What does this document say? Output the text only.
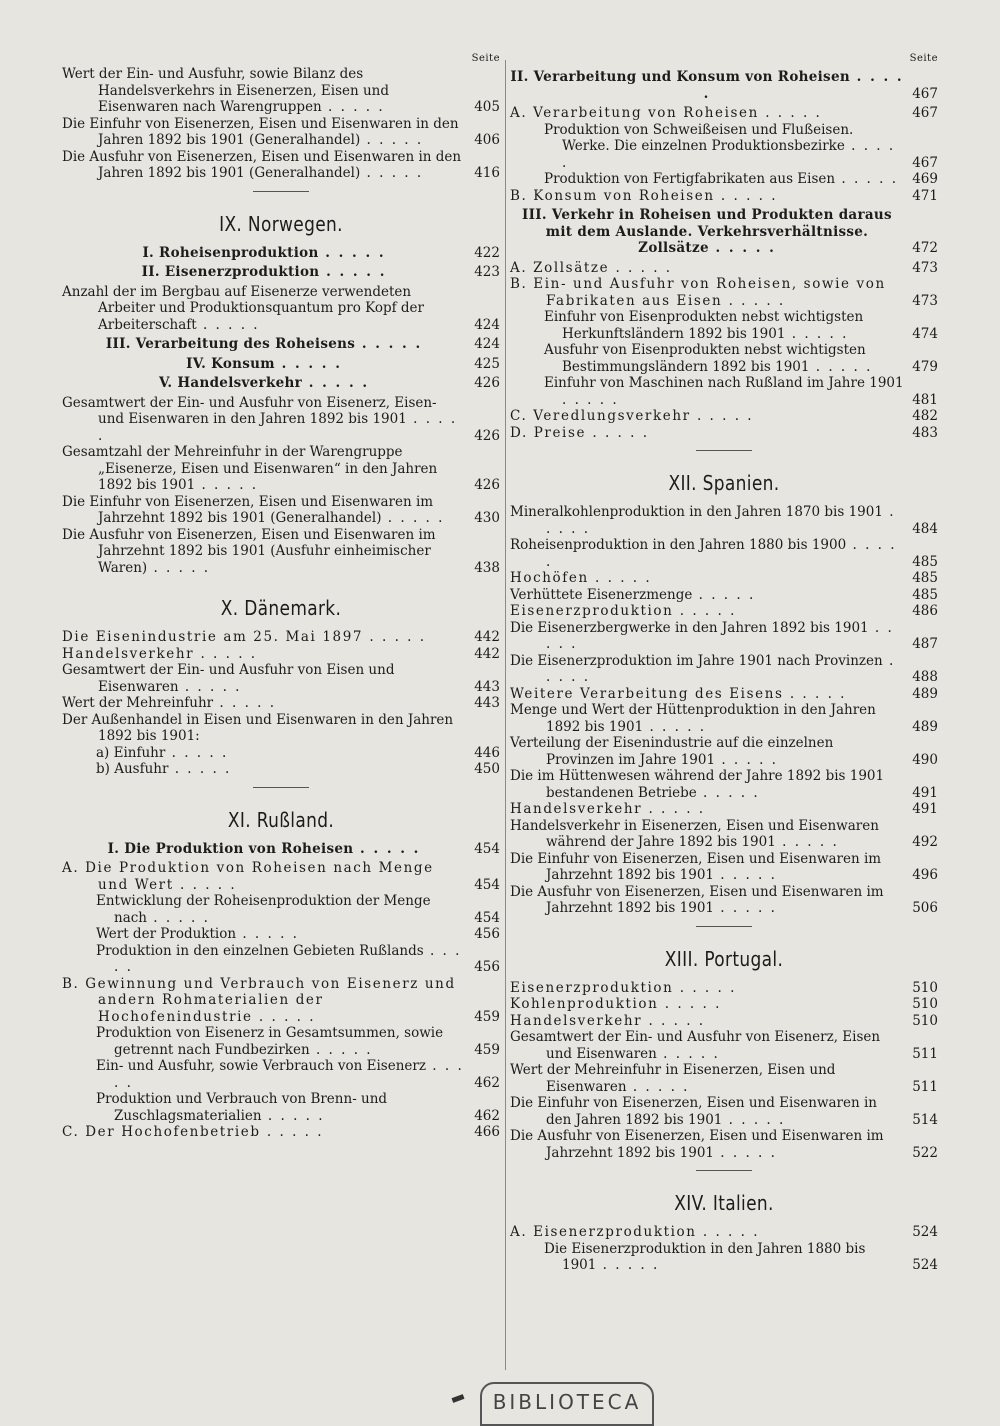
Seite
Wert der Ein- und Ausfuhr, sowie Bilanz des Handelsverkehrs in Eisenerzen, Eisen und Eisenwaren nach Warengruppen . . . . .	405
Die Einfuhr von Eisenerzen, Eisen und Eisenwaren in den Jahren 1892 bis 1901 (Generalhandel) . . . . .	406
Die Ausfuhr von Eisenerzen, Eisen und Eisenwaren in den Jahren 1892 bis 1901 (Generalhandel) . . . . .	416
IX. Norwegen.
I. Roheisenproduktion . . . . .	422
II. Eisenerzproduktion . . . . .	423
Anzahl der im Bergbau auf Eisenerze verwendeten Arbeiter und Produktionsquantum pro Kopf der Arbeiterschaft . . . . .	424
III. Verarbeitung des Roheisens . . . . .	424
IV. Konsum . . . . .	425
V. Handelsverkehr . . . . .	426
Gesamtwert der Ein- und Ausfuhr von Eisenerz, Eisen- und Eisenwaren in den Jahren 1892 bis 1901 . . . . .	426
Gesamtzahl der Mehreinfuhr in der Warengruppe „Eisenerze, Eisen und Eisenwaren“ in den Jahren 1892 bis 1901 . . . . .	426
Die Einfuhr von Eisenerzen, Eisen und Eisenwaren im Jahrzehnt 1892 bis 1901 (Generalhandel) . . . . .	430
Die Ausfuhr von Eisenerzen, Eisen und Eisenwaren im Jahrzehnt 1892 bis 1901 (Ausfuhr einheimischer Waren) . . . . .	438
X. Dänemark.
Die Eisenindustrie am 25. Mai 1897 . . . . .	442
Handelsverkehr . . . . .	442
Gesamtwert der Ein- und Ausfuhr von Eisen und Eisenwaren . . . . .	443
Wert der Mehreinfuhr . . . . .	443
Der Außenhandel in Eisen und Eisenwaren in den Jahren 1892 bis 1901:
a) Einfuhr . . . . .	446
b) Ausfuhr . . . . .	450
XI. Rußland.
I. Die Produktion von Roheisen . . . . .	454
A. Die Produktion von Roheisen nach Menge und Wert . . . . .	454
Entwicklung der Roheisenproduktion der Menge nach . . . . .	454
Wert der Produktion . . . . .	456
Produktion in den einzelnen Gebieten Rußlands . . . . .	456
B. Gewinnung und Verbrauch von Eisenerz und andern Rohmaterialien der Hochofenindustrie . . . . .	459
Produktion von Eisenerz in Gesamtsummen, sowie getrennt nach Fundbezirken . . . . .	459
Ein- und Ausfuhr, sowie Verbrauch von Eisenerz . . . . .	462
Produktion und Verbrauch von Brenn- und Zuschlagsmaterialien . . . . .	462
C. Der Hochofenbetrieb . . . . .	466
Seite
II. Verarbeitung und Konsum von Roheisen . . . . .	467
A. Verarbeitung von Roheisen . . . . .	467
Produktion von Schweißeisen und Flußeisen. Werke. Die einzelnen Produktionsbezirke . . . . .	467
Produktion von Fertigfabrikaten aus Eisen . . . . .	469
B. Konsum von Roheisen . . . . .	471
III. Verkehr in Roheisen und Produkten daraus mit dem Auslande. Verkehrsverhältnisse. Zollsätze . . . . .	472
A. Zollsätze . . . . .	473
B. Ein- und Ausfuhr von Roheisen, sowie von Fabrikaten aus Eisen . . . . .	473
Einfuhr von Eisenprodukten nebst wichtigsten Herkunftsländern 1892 bis 1901 . . . . .	474
Ausfuhr von Eisenprodukten nebst wichtigsten Bestimmungsländern 1892 bis 1901 . . . . .	479
Einfuhr von Maschinen nach Rußland im Jahre 1901 . . . . .	481
C. Veredlungsverkehr . . . . .	482
D. Preise . . . . .	483
XII. Spanien.
Mineralkohlenproduktion in den Jahren 1870 bis 1901 . . . . .	484
Roheisenproduktion in den Jahren 1880 bis 1900 . . . . .	485
Hochöfen . . . . .	485
Verhüttete Eisenerzmenge . . . . .	485
Eisenerzproduktion . . . . .	486
Die Eisenerzbergwerke in den Jahren 1892 bis 1901 . . . . .	487
Die Eisenerzproduktion im Jahre 1901 nach Provinzen . . . . .	488
Weitere Verarbeitung des Eisens . . . . .	489
Menge und Wert der Hüttenproduktion in den Jahren 1892 bis 1901 . . . . .	489
Verteilung der Eisenindustrie auf die einzelnen Provinzen im Jahre 1901 . . . . .	490
Die im Hüttenwesen während der Jahre 1892 bis 1901 bestandenen Betriebe . . . . .	491
Handelsverkehr . . . . .	491
Handelsverkehr in Eisenerzen, Eisen und Eisenwaren während der Jahre 1892 bis 1901 . . . . .	492
Die Einfuhr von Eisenerzen, Eisen und Eisenwaren im Jahrzehnt 1892 bis 1901 . . . . .	496
Die Ausfuhr von Eisenerzen, Eisen und Eisenwaren im Jahrzehnt 1892 bis 1901 . . . . .	506
XIII. Portugal.
Eisenerzproduktion . . . . .	510
Kohlenproduktion . . . . .	510
Handelsverkehr . . . . .	510
Gesamtwert der Ein- und Ausfuhr von Eisenerz, Eisen und Eisenwaren . . . . .	511
Wert der Mehreinfuhr in Eisenerzen, Eisen und Eisenwaren . . . . .	511
Die Einfuhr von Eisenerzen, Eisen und Eisenwaren in den Jahren 1892 bis 1901 . . . . .	514
Die Ausfuhr von Eisenerzen, Eisen und Eisenwaren im Jahrzehnt 1892 bis 1901 . . . . .	522
XIV. Italien.
A. Eisenerzproduktion . . . . .	524
Die Eisenerzproduktion in den Jahren 1880 bis 1901 . . . . .	524
BIBLIOTECA
